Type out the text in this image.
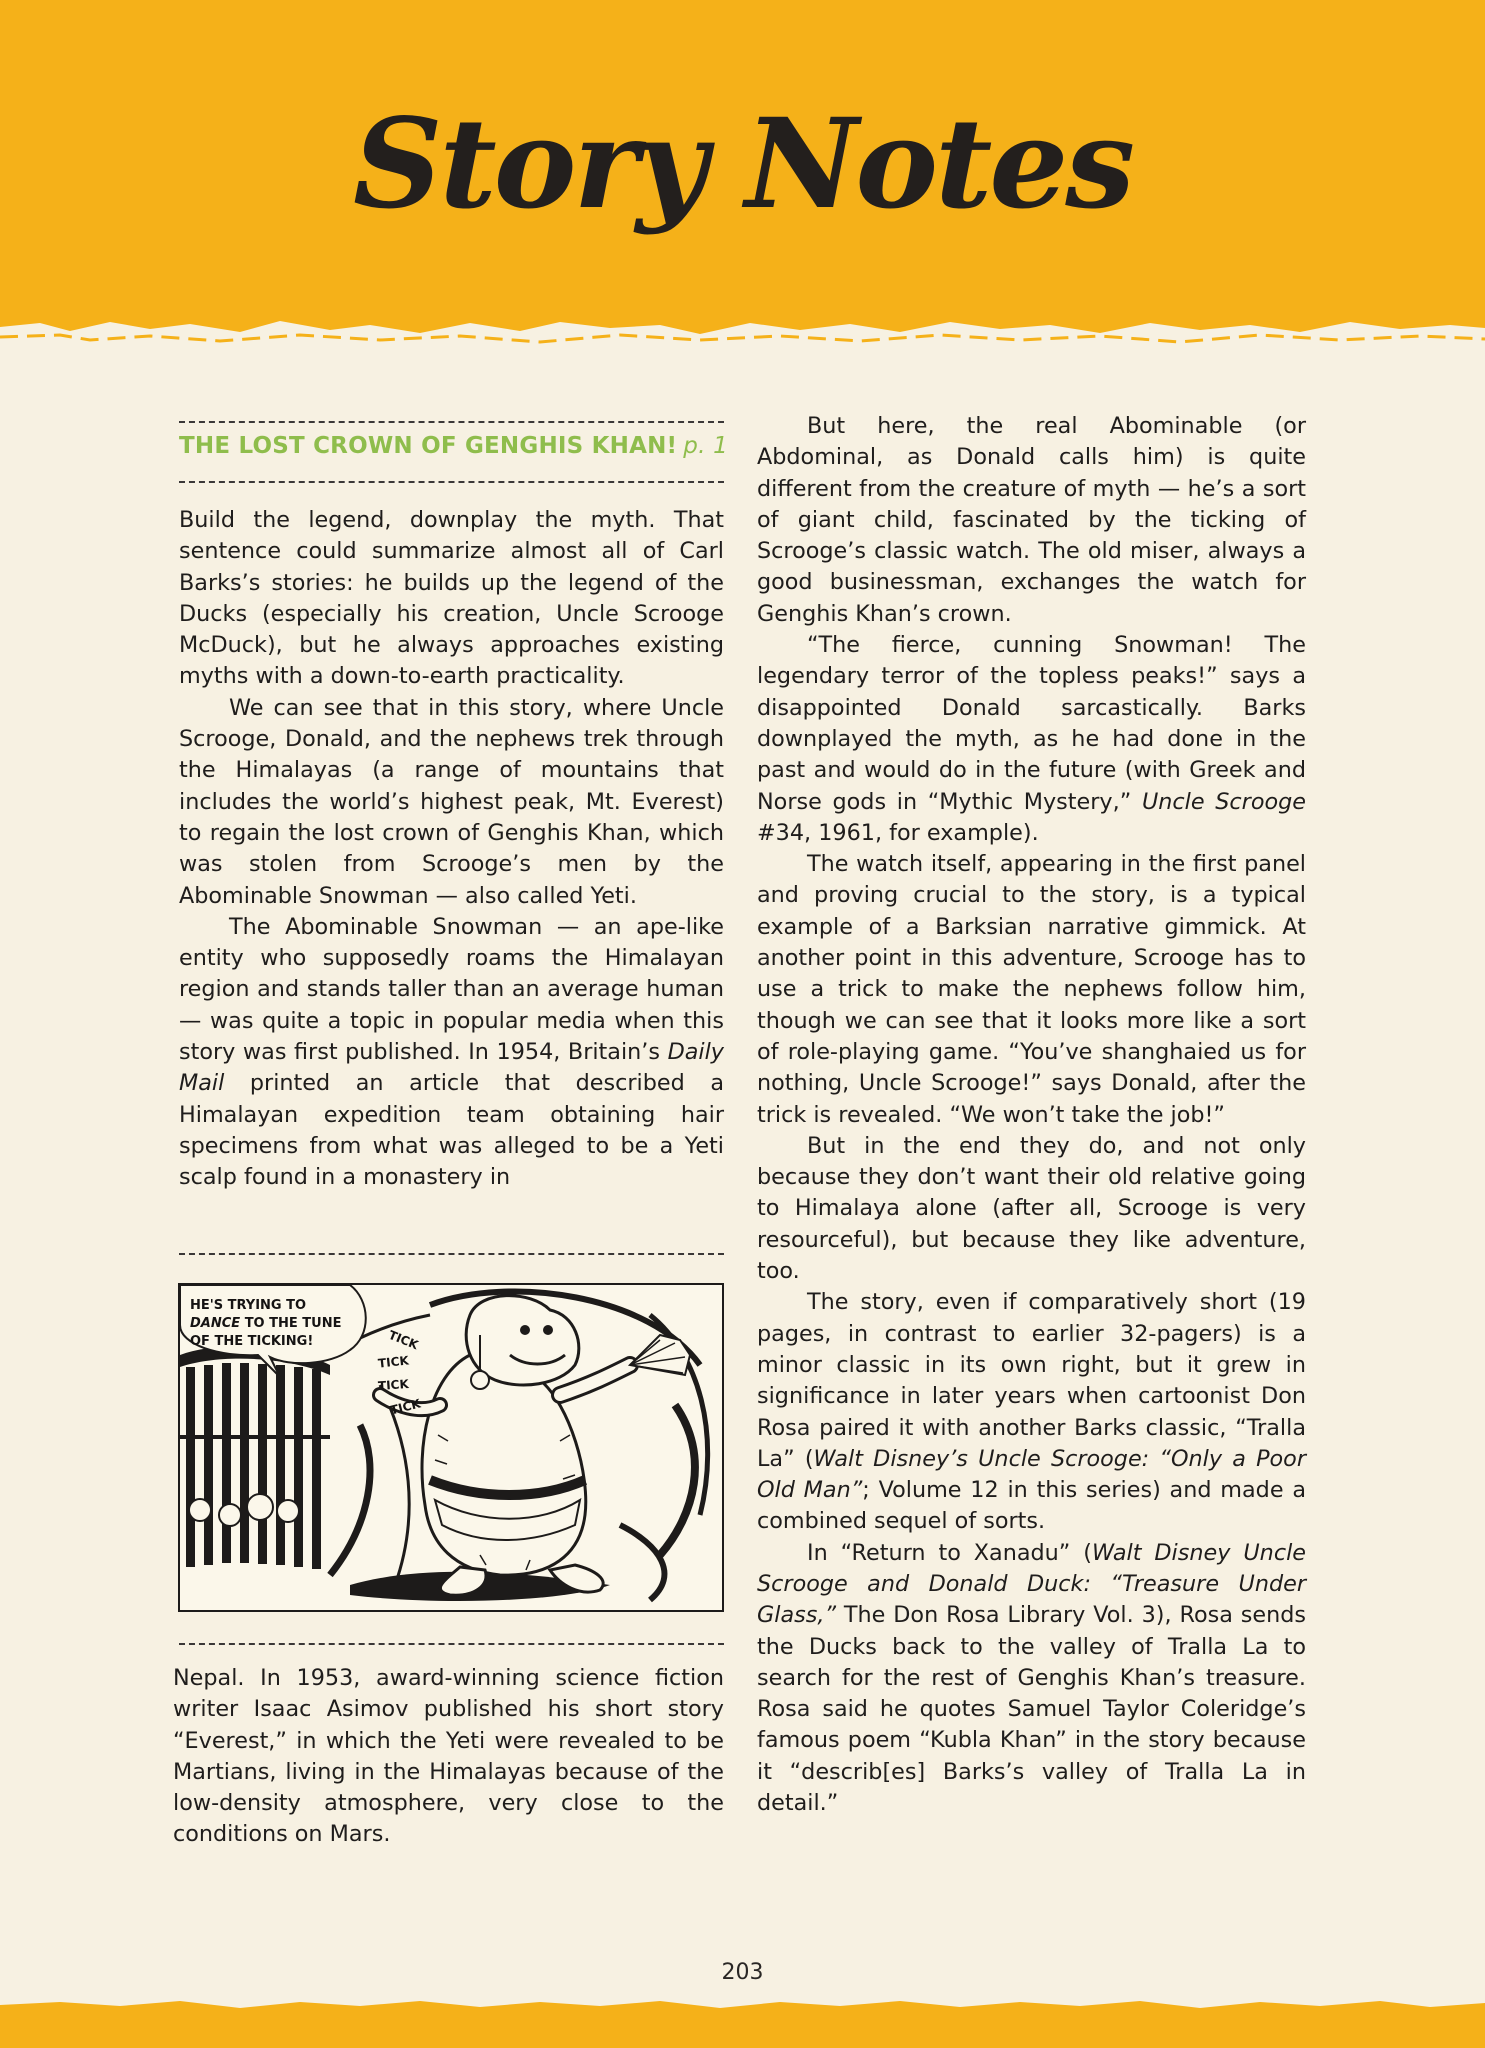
Story Notes
THE LOST CROWN OF GENGHIS KHAN! p. 1

Build the legend, downplay the myth. That sentence could summarize almost all of Carl Barks’s stories: he builds up the legend of the Ducks (especially his creation, Uncle Scrooge McDuck), but he always approaches existing myths with a down-to-earth practicality.

We can see that in this story, where Uncle Scrooge, Donald, and the nephews trek through the Himalayas (a range of mountains that includes the world’s highest peak, Mt. Everest) to regain the lost crown of Genghis Khan, which was stolen from Scrooge’s men by the Abominable Snowman — also called Yeti.

The Abominable Snowman — an ape-like entity who supposedly roams the Himalayan region and stands taller than an average human — was quite a topic in popular media when this story was first published. In 1954, Britain’s Daily Mail printed an article that described a Himalayan expedition team obtaining hair specimens from what was alleged to be a Yeti scalp found in a monastery in

HE'S TRYING TO DANCE TO THE TUNE OF THE TICKING!	TICK
TICK
TICK
TICK

Nepal. In 1953, award-winning science fiction writer Isaac Asimov published his short story “Everest,” in which the Yeti were revealed to be Martians, living in the Himalayas because of the low-density atmosphere, very close to the conditions on Mars.

But here, the real Abominable (or Abdominal, as Donald calls him) is quite different from the creature of myth — he’s a sort of giant child, fascinated by the ticking of Scrooge’s classic watch. The old miser, always a good businessman, exchanges the watch for Genghis Khan’s crown.

“The fierce, cunning Snowman! The legendary terror of the topless peaks!” says a disappointed Donald sarcastically. Barks downplayed the myth, as he had done in the past and would do in the future (with Greek and Norse gods in “Mythic Mystery,” Uncle Scrooge #34, 1961, for example).

The watch itself, appearing in the first panel and proving crucial to the story, is a typical example of a Barksian narrative gimmick. At another point in this adventure, Scrooge has to use a trick to make the nephews follow him, though we can see that it looks more like a sort of role-playing game. “You’ve shanghaied us for nothing, Uncle Scrooge!” says Donald, after the trick is revealed. “We won’t take the job!”

But in the end they do, and not only because they don’t want their old relative going to Himalaya alone (after all, Scrooge is very resourceful), but because they like adventure, too.

The story, even if comparatively short (19 pages, in contrast to earlier 32-pagers) is a minor classic in its own right, but it grew in significance in later years when cartoonist Don Rosa paired it with another Barks classic, “Tralla La” (Walt Disney’s Uncle Scrooge: “Only a Poor Old Man”; Volume 12 in this series) and made a combined sequel of sorts.

In “Return to Xanadu” (Walt Disney Uncle Scrooge and Donald Duck: “Treasure Under Glass,” The Don Rosa Library Vol. 3), Rosa sends the Ducks back to the valley of Tralla La to search for the rest of Genghis Khan’s treasure. Rosa said he quotes Samuel Taylor Coleridge’s famous poem “Kubla Khan” in the story because it “describ[es] Barks’s valley of Tralla La in detail.”

203
